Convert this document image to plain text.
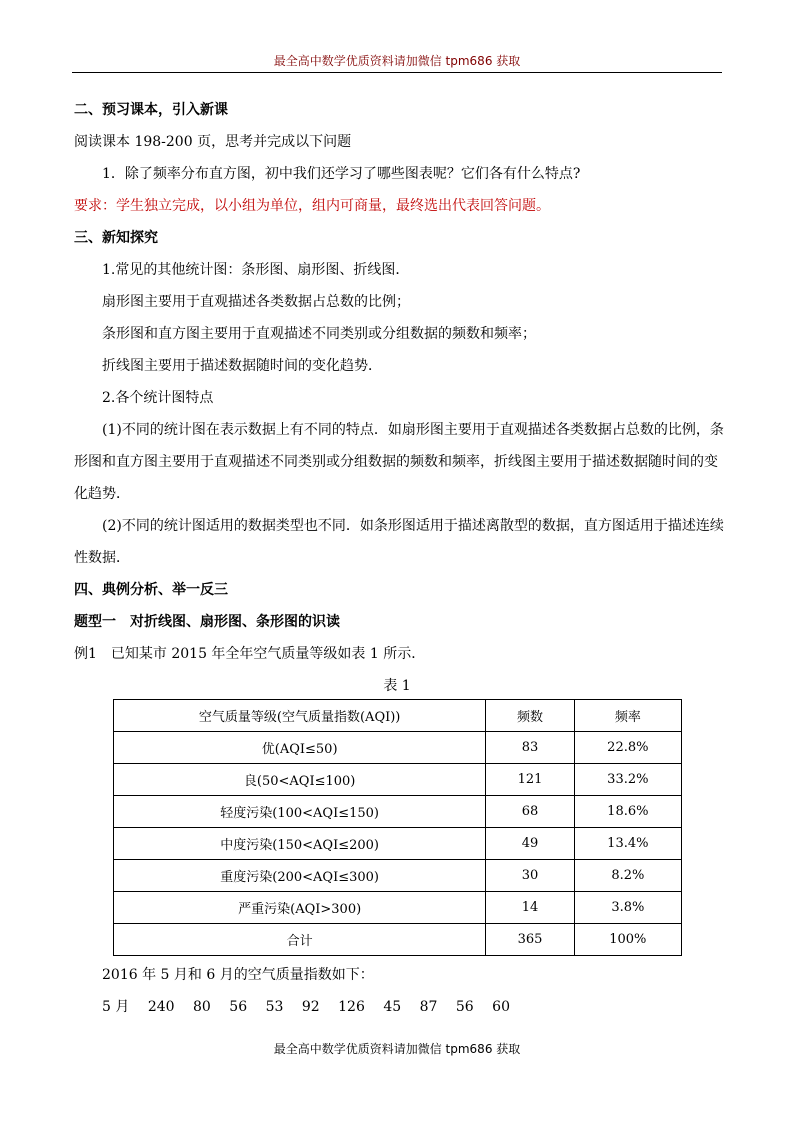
最全高中数学优质资料请加微信 tpm686 获取
二、预习课本，引入新课
阅读课本 198-200 页，思考并完成以下问题
1．除了频率分布直方图，初中我们还学习了哪些图表呢？它们各有什么特点?
要求：学生独立完成，以小组为单位，组内可商量，最终选出代表回答问题。
三、新知探究
1.常见的其他统计图：条形图、扇形图、折线图．
扇形图主要用于直观描述各类数据占总数的比例；
条形图和直方图主要用于直观描述不同类别或分组数据的频数和频率；
折线图主要用于描述数据随时间的变化趋势．
2.各个统计图特点
(1)不同的统计图在表示数据上有不同的特点．如扇形图主要用于直观描述各类数据占总数的比例，条
形图和直方图主要用于直观描述不同类别或分组数据的频数和频率，折线图主要用于描述数据随时间的变
化趋势．
(2)不同的统计图适用的数据类型也不同．如条形图适用于描述离散型的数据，直方图适用于描述连续
性数据．
四、典例分析、举一反三
题型一　对折线图、扇形图、条形图的识读
例1　已知某市 2015 年全年空气质量等级如表 1 所示．
表 1
空气质量等级(空气质量指数(AQI))	频数	频率
优(AQI≤50)	83	22.8%
良(50<AQI≤100)	121	33.2%
轻度污染(100<AQI≤150)	68	18.6%
中度污染(150<AQI≤200)	49	13.4%
重度污染(200<AQI≤300)	30	8.2%
严重污染(AQI>300)	14	3.8%
合计	365	100%
2016 年 5 月和 6 月的空气质量指数如下：
5 月 240 80 56 53 92 126 45 87 56 60
最全高中数学优质资料请加微信 tpm686 获取
